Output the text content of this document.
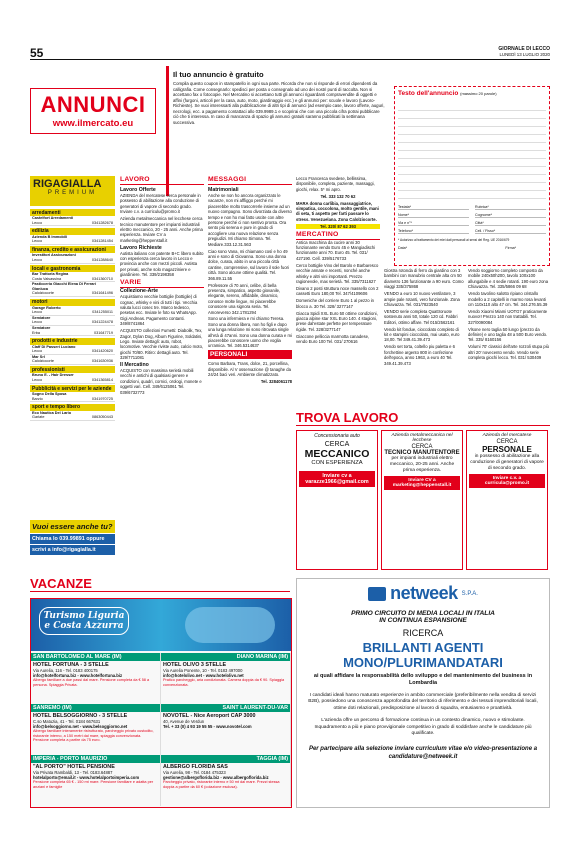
55	GIORNALE DI LECCO
LUNEDÌ 13 LUGLIO 2020
ANNUNCI
www.ilmercato.eu
Il tuo annuncio è gratuito
Compila questo coupon in stampatello in ogni sua parte. Ricorda che non si risponde di errori dipendenti da calligrafia. Come consegnarlo: spedisci per posta o consegnalo ad uno dei nostri punti di raccolta. Non si accettano fax o fotocopie. Nel Mercatino si accettano tutti gli annunci riguardanti compravendite di oggetti e affini (furgoni, articoli per la casa, auto, moto, giardinaggio ecc.) e gli annunci per: scuole e lavoro (Lavoro-Richieste). Se vuoi interessarti alla pubblicazione di altri tipi di annunci (ad esempio case, lavoro offerte, auguri, necrologi, ecc. a pagamento contattaci allo 039.9989.1 e scoprirai che con una piccola cifra potrai pubblicare ciò che ti interessa. In caso di mancanza di spazio gli annunci gratuiti saranno pubblicati la settimana successiva.
Testo dell'annuncio (massimo 20 parole)
Testata*	Rubrica*
Nome*	Cognome*
Via e n°*	Città*
Telefono*	Cell. / Fisso*
* Autorizzo al trattamento dei miei dati personali ai sensi del Reg. UE 2016/679
Data*	Firma*
RIGAGIALLA
PREMIUM
arredamenti
Castelfort Arredamenti
Lecco	0341282678
edilizia
Azienda B Immobili
Lecco	0341281454
finanza, credito e assicurazioni
Investitori Assicurazioni
Lecco	0341288640
locali e gastronomia
Bar Trattoria Regina
Costa Valsassina	0341360710
Pasticceria Giacchi Elena Di Ferrari Gianluca
Calolziocorte	0341641496
motori
Garage Roberto
Lecco	0341255011
Semiatore
Lecco	0341224478
Semiatore
Erba	031647719
prodotti e industrie
Claff Di Passeri Luciano
Lecco	0341420620
Mar Srl
Calolziocorte	0341630936
professionisti
Bruno E. - Hair Dresser
Lecco	0341365814
Pubblicità e servizi per le aziende
Sogno Della Sposa
Barzio	0341970725
sport e tempo libero
Eco Nautica Del Lario
Garlate	0863050443
Vuoi essere anche tu?
Chiama lo 039.99891 oppure
scrivi a info@rigagialla.it
LAVORO
Lavoro Offerte

AZIENDA del mercatese cerca personale in possesso di abilitazione alla conduzione di generatori di vapore di secondo grado. Inviare c.v. a curriculu@promo.it

Azienda metalmeccanica nel lecchese cerca tecnico manutentore per impianti industriali elettro meccanico, 20 - 25 anni. Anche prima esperienza. Inviare CV a marketing@heppenstall.it

Lavoro Richieste

Autista italiano con patente B+C libero subito con esperienza cerca lavoro in Lecco e provincia anche con mezzi piccoli. Autista per privati, anche solo magazziniere e giardiniere. Tel. 339/2198358

VARIE
Collezione-Arte

Acquistiamo vecchie bottiglie (bottiglie) di cognac, whisky e vini di tutti i tipi. Vecchia valuta lucci cosec tre. Marco tedesco, pesetas ecc. Inviate le foto su WhatsApp. Gigi Andreas. Pagamento contanti. 349/8741864

ACQUISTO collezioni Fumetti: Diabolik, Tex, Zagor, Dylan Dog, Album Figurine, Soldatini, Lego. Inviate dettagli: auto, robot, locomotive. Vecchie riviste auto, calcio moto, giochi 70/80. Ritiro: dettagli auto. Tel. 329/7711081

Il Mercatino

ACQUISTO con massima serietà mobili vecchi e antichi di qualsiasi genere e condizioni, quadri, cornici, orologi, monete e oggetti vari. Cell. 349/6125061 Tel. 039/6732773

MESSAGGI
Matrimoniali

Anche se non ho ancora organizzato le vacanze, non mi affliggo perché mi piacerebbe molto trascorrerle insieme ad un nuovo compagno. Sono divorziata da diverso tempo e non ho mai fatto uscite con altre persone perché ci non sentivo pronta. Ora sento più serena e pure in grado di accogliere una nuova relazione senza pregiudizi. Mi chiamo Simona. Tel. Mediare.333.12.31.563

Ciao sono Vana, mi chiamano così e ho 49 anni e sono di Giovanna. Sono una donna dolce, curata, abito in una piccola città cantine, comprensive, sul lavoro il sole fuori città. Sono alcune ottime qualità. Tel. 366.89.11.55

Professore di 70 anni, celibe, di bella presenza, simpatico, aspetto giovanile, elegante, sereno, affidabile, dinamico, conosce molte lingue, mi piacerebbe conoscere una signora seria. Tel. Amoreverso 342.1781294

Sono una infermiera e mi chiamo Teresa. Sono una donna libera, non ho figli e dopo una lunga relazione mi sono ritrovata single all'età di 47anni. Sono una donna curata e mi piacerebbe conoscere uomo che voglia un'amica. Tel. 346.5314637

PERSONALI

Como Barbara, Trans, dolce, 21, porcellina, disponibile. Al V osservazione @ tanaghe da 24/24 baci veri. Ambiente climatizzato.

Tel. 3284061178

Lecco Francesca svedese, bellissima, disponibile, completa, paziente, massaggi, giochi, relax. 5* mi apro.

Tel. 333 132 70 62

MARA donna carlibia, massaggiatrice, simpatica, coccolona, molto gentile, mani di seta, ti aspetto per farti passare lo stress. Venezuelana. Zona Calolziocorte.

Tel. 320/ 87 62 393

MERCATINO

Antica macchina da cucire anni 30 funzionante vendo Euro 45 e Mangiadischi funzionante anni 70. Euro 45. Tel. 031/ 427190. Cell. 339/5176733

Cerco bottiglie Vino del Barolo e Barbaresco vecchie annate e recenti, nonché anche whisky e altri vini importanti. Prezzo ragionevole, max serietà. Tel. 335/7311627

Divano 2 posti struttura noce massello con 2 cassetti Euro 180,00 Tel. 347/4109606

Domeniche del corriere Euro 1 al pezzo in blocco a. 30 Tel. 328/ 3277147

Giacca Spidi XXL Euro 50 ottime condizioni, giacca alpine star XXL Euro 140. 4 stagioni, prese dal'estate perfette per temperature rigide. Tel. 328/3277147

Giaccone pelliccia marmotta canadese, vendo Euro 100 Tel. 031/ 270616

Giostra rotonda di ferro da giardino con 3 bambini con manubrio centrale alta cm 50 diametro 136 funzionante a 90 euro. Como viaggi 335/375868

VENDO a euro 10 nuovo ventilatore, 3 ampie pale rotanti, vero funzionale. Zona Chiavazza. Tel. 031/7823540

VENDO serie completa Quattroruote sostenuto anni 50, totale 120 cd. Fabbri Editori, ottimo affare. Tel 015/2562161

Vendo kit fondue, cioccolato completo di kit e stampini cioccolato, mai usato, euro 18,00. Tel 349.41.39.473

Vendo set torta, coltello piu paletta e 6 forchettine argento 800 in confezione dell'epoca, anno 1963, a euro 40 Tel. 349.41.39.473

Vendo soggiorno completo composto da mobile 240x50h200, tavolo 100x100 allungabile e 4 sedie rotanti. 190 euro zona Chiavazza. Tel. 335/5866 09 68

Vendo tavolino salotto ripiano cristallo modello a 2 capitelli in marmo rosa levanti cm 110x110 alto 47 cm. Tel. 344.276.55.39

Vendo Xiaomi Miami UOTG7 praticamente nuovo!! Prezzo 140 non trattabili. Tel. 327/0090084

Vlsone nero taglia 50 lungo (prezzo da definire) e uno taglia 48 a 500 Euro vendo. Tel. 335/ 8160156

Volumi 70' classici dell'arte rozzoli stupa più altri 20' novecento vendo. Vendo serie completa giochi lecco. Tel. 031/ 530409

TROVA LAVORO
Concessionaria auto
CERCA
MECCANICO
CON ESPERIENZA
Inviare cv a
varazze1966@gmail.com
Azienda metalmeccanica nel lecchese
CERCA
TECNICO MANUTENTORE
per impianti industriali elettro meccanico, 20-25 anni. Anche prima esperienza.
Inviare CV a
marketing@heppenstall.it
Azienda del mercatese
CERCA
PERSONALE
in possesso di abilitazione alla conduzione di generatori di vapore di secondo grado.
Inviare c.v. a
curricula@promo.it
VACANZE
Turismo Liguria e Costa Azzurra
SAN BARTOLOMEO AL MARE (IM)
HOTEL FORTUNA - 3 STELLE
Via Aurelia, 116 - Tel. 0183 400175
info@hotelfortuna.biz - www.hotelfortuna.biz
Albergo familiare a due passi dal mare. Pensione completa da € 58 a persona. Spiaggia Privata.
DIANO MARINA (IM)
HOTEL OLIVO 3 STELLE
Via Aurelia Ponente, 10 - Tel. 0183 497000
info@hotelolivo.net - www.hotelolivo.net
Pratico parcheggio, aria condizionata. Camera doppia da € 90. Spiaggia convenzionata.
SANREMO (IM)
HOTEL BELSOGGIORNO - 3 STELLE
C.so Matuzia, 41 - Tel. 0184 667631
info@belsoggiorno.net - www.belsoggiorno.net
Albergo familiare interamente ristrutturato, parcheggio privato custodito, ristorante interno, a 150 metri dal mare, spiaggia convenzionata. Pensione completa a partire da 75 euro.
SAINT LAURENT-DU-VAR
NOVOTEL - Nice Aeroport CAP 3000
40, Avenue de Verdun
Tel. + 33 (0) 4 93 19 55 55 - www.novotel.com
IMPERIA - PORTO MAURIZIO
"AL PORTO" HOTEL PENSIONE
Via Privata Rambaldi, 13 - Tel. 0183.64887
hotelalporto@email.it - www.hotelalportoimperia.com
Pensione completa 65 € - 150 mt mare. Pensione familiare e adatta per anziani e famiglie
TAGGIA (IM)
ALBERGO FLORIDA SAS
Via Aurelia, 98 - Tel. 0184 475323
gestione@albergoflorida.biz - www.albergoflorida.biz
Parcheggio privato, ristorante interno e 50 mt dal mare. Prezzi stessa doppia a partire da 60 € (colazione esclusa).
netweek S.P.A.
PRIMO CIRCUITO DI MEDIA LOCALI IN ITALIA
IN CONTINUA ESPANSIONE
RICERCA
BRILLANTI AGENTI
MONO/PLURIMANDATARI
ai quali affidare la responsabilità dello sviluppo e del mantenimento del business in Lombardia
I candidati ideali hanno maturato esperienze in ambito commerciale (preferibilmente nella vendita di servizi B2B), possiedono una conoscenza approfondita del territorio di riferimento e dei tessuti imprenditoriali locali, ottime doti relazionali, predisposizione al lavoro di squadra, entusiasmo e proattività.
L'azienda offre un percorso di formazione continua in un contesto dinamico, nuovo e stimolante. Inquadramento a più e piano provvigionale competitivo in grado di soddisfare anche le candidature più qualificate.
Per partecipare alla selezione inviare curriculum vitae e/o video-presentazione a candidature@netweek.it
